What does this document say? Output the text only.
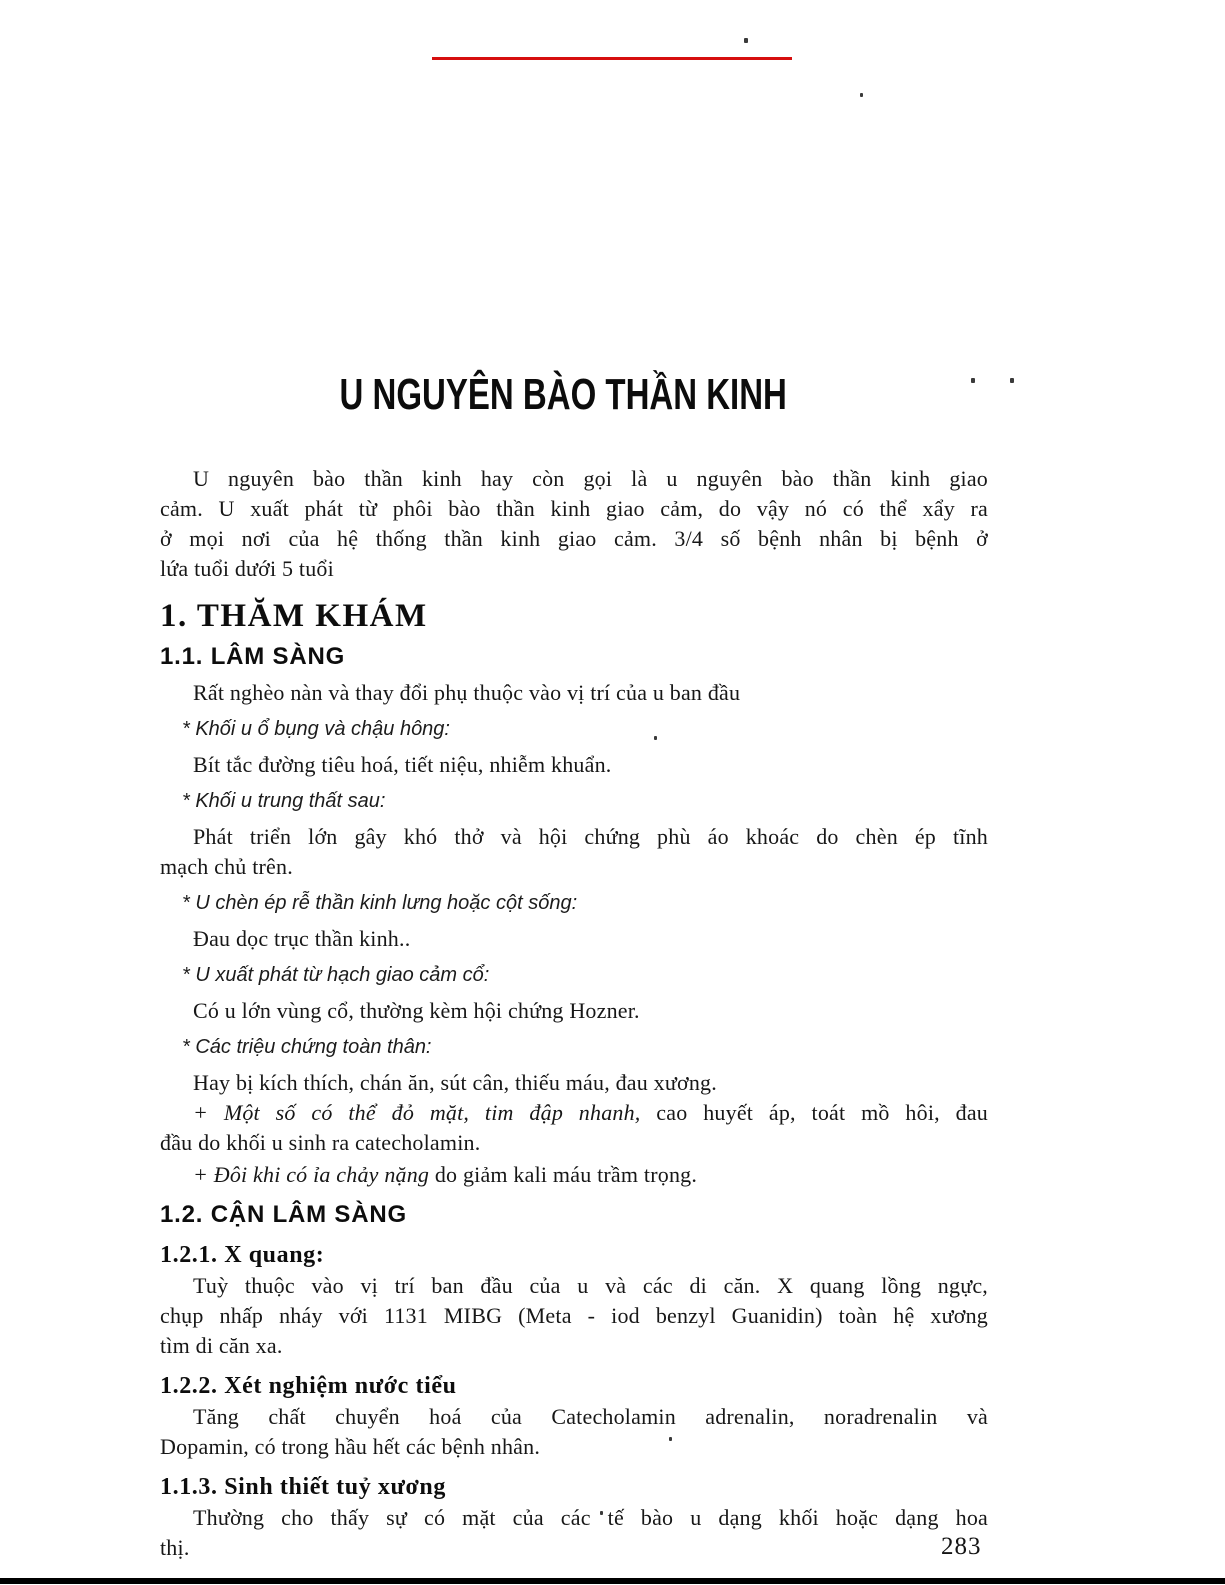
U NGUYÊN BÀO THẦN KINH
U nguyên bào thần kinh hay còn gọi là u nguyên bào thần kinh giao
cảm. U xuất phát từ phôi bào thần kinh giao cảm, do vậy nó có thể xẩy ra
ở mọi nơi của hệ thống thần kinh giao cảm. 3/4 số bệnh nhân bị bệnh ở
lứa tuổi dưới 5 tuổi
1. THĂM KHÁM
1.1. LÂM SÀNG
Rất nghèo nàn và thay đổi phụ thuộc vào vị trí của u ban đầu
* Khối u ổ bụng và chậu hông:
Bít tắc đường tiêu hoá, tiết niệu, nhiễm khuẩn.
* Khối u trung thất sau:
Phát triển lớn gây khó thở và hội chứng phù áo khoác do chèn ép tĩnh
mạch chủ trên.
* U chèn ép rễ thần kinh lưng hoặc cột sống:
Đau dọc trục thần kinh..
* U xuất phát từ hạch giao cảm cổ:
Có u lớn vùng cổ, thường kèm hội chứng Hozner.
* Các triệu chứng toàn thân:
Hay bị kích thích, chán ăn, sút cân, thiếu máu, đau xương.
+ Một số có thể đỏ mặt, tim đập nhanh, cao huyết áp, toát mồ hôi, đau
đầu do khối u sinh ra catecholamin.
+ Đôi khi có ỉa chảy nặng do giảm kali máu trầm trọng.
1.2. CẬN LÂM SÀNG
1.2.1. X quang:
Tuỳ thuộc vào vị trí ban đầu của u và các di căn. X quang lồng ngực,
chụp nhấp nháy với 1131 MIBG (Meta - iod benzyl Guanidin) toàn hệ xương
tìm di căn xa.
1.2.2. Xét nghiệm nước tiểu
Tăng chất chuyển hoá của Catecholamin adrenalin, noradrenalin và
Dopamin, có trong hầu hết các bệnh nhân.
1.1.3. Sinh thiết tuỷ xương
Thường cho thấy sự có mặt của các tế bào u dạng khối hoặc dạng hoa
thị.	283
